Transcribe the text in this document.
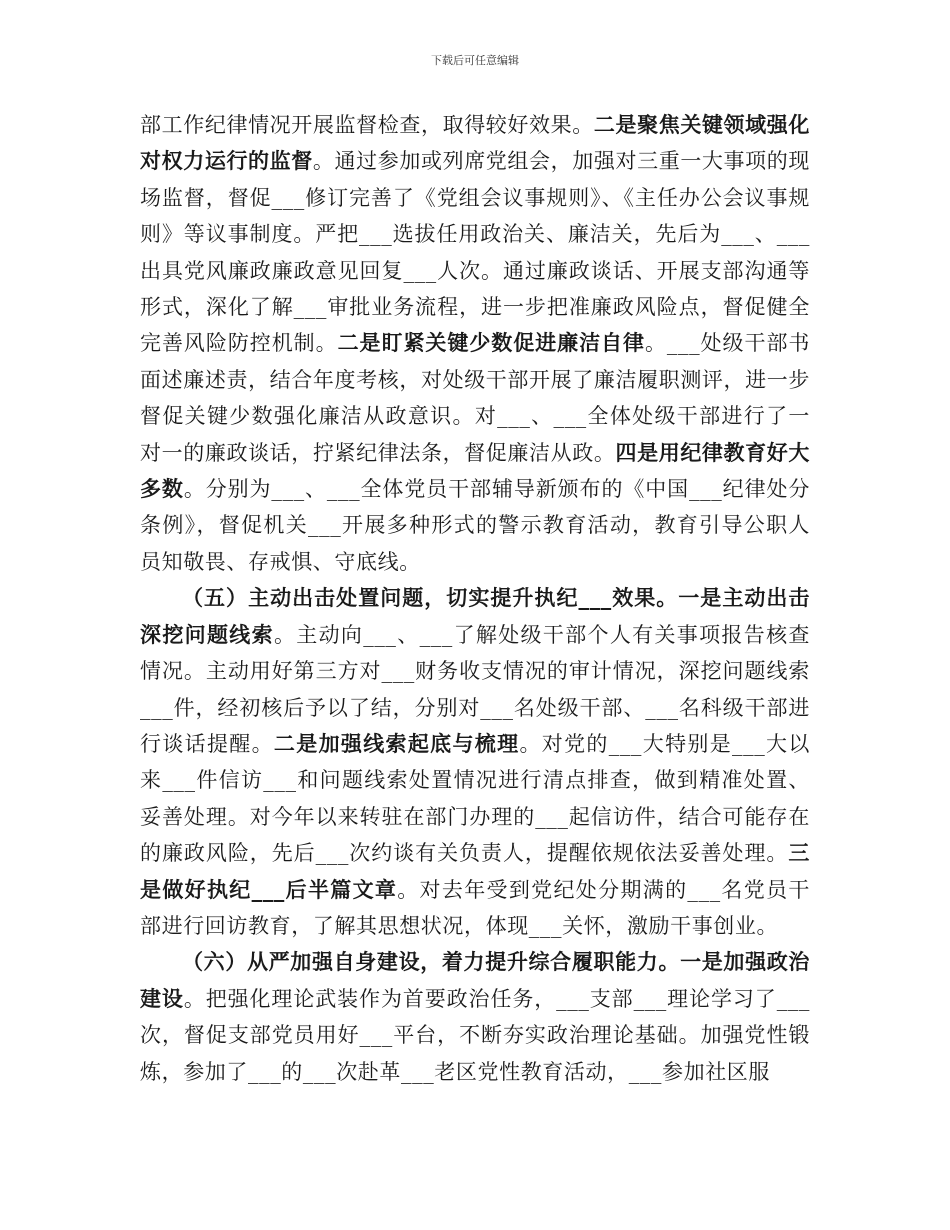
下载后可任意编辑

部工作纪律情况开展监督检查，取得较好效果。二是聚焦关键领域强化对权力运行的监督。通过参加或列席党组会，加强对三重一大事项的现场监督，督促___修订完善了《党组会议事规则》、《主任办公会议事规则》等议事制度。严把___选拔任用政治关、廉洁关，先后为___、___出具党风廉政廉政意见回复___人次。通过廉政谈话、开展支部沟通等形式，深化了解___审批业务流程，进一步把准廉政风险点，督促健全完善风险防控机制。二是盯紧关键少数促进廉洁自律。___处级干部书面述廉述责，结合年度考核，对处级干部开展了廉洁履职测评，进一步督促关键少数强化廉洁从政意识。对___、___全体处级干部进行了一对一的廉政谈话，拧紧纪律法条，督促廉洁从政。四是用纪律教育好大多数。分别为___、___全体党员干部辅导新颁布的《中国___纪律处分条例》，督促机关___开展多种形式的警示教育活动，教育引导公职人员知敬畏、存戒惧、守底线。

（五）主动出击处置问题，切实提升执纪___效果。一是主动出击深挖问题线索。主动向___、___了解处级干部个人有关事项报告核查情况。主动用好第三方对___财务收支情况的审计情况，深挖问题线索___件，经初核后予以了结，分别对___名处级干部、___名科级干部进行谈话提醒。二是加强线索起底与梳理。对党的___大特别是___大以来___件信访___和问题线索处置情况进行清点排查，做到精准处置、妥善处理。对今年以来转驻在部门办理的___起信访件，结合可能存在的廉政风险，先后___次约谈有关负责人，提醒依规依法妥善处理。三是做好执纪___后半篇文章。对去年受到党纪处分期满的___名党员干部进行回访教育，了解其思想状况，体现___关怀，激励干事创业。

（六）从严加强自身建设，着力提升综合履职能力。一是加强政治建设。把强化理论武装作为首要政治任务，___支部___理论学习了___次，督促支部党员用好___平台，不断夯实政治理论基础。加强党性锻炼，参加了___的___次赴革___老区党性教育活动，___参加社区服
